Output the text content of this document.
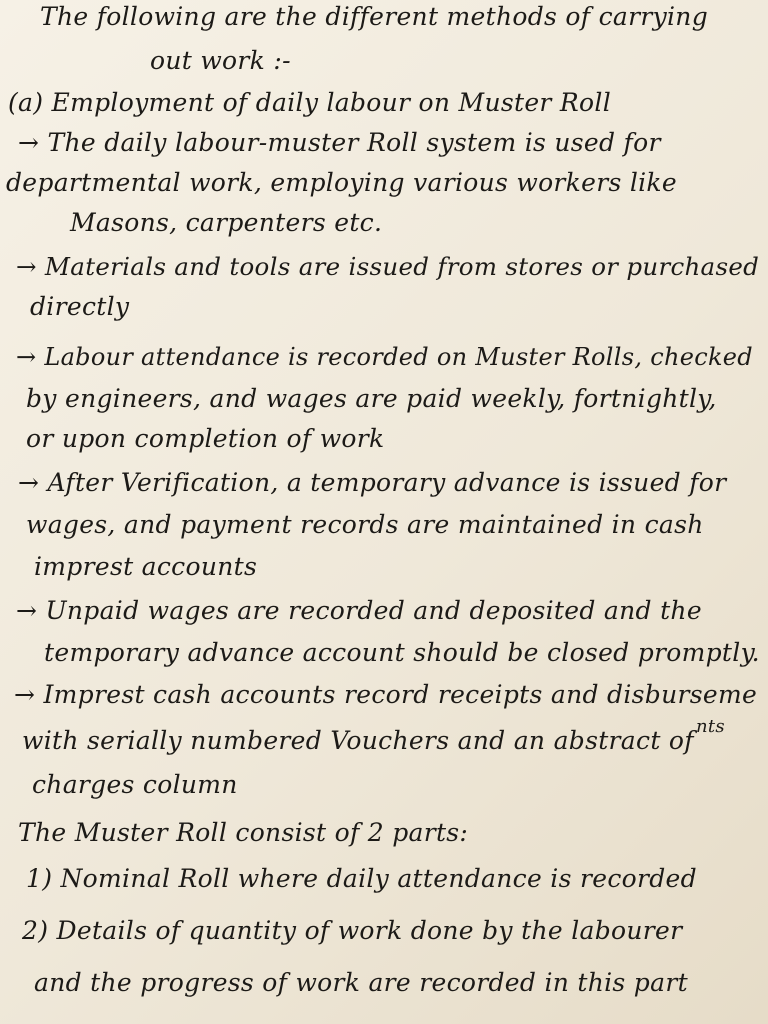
The following are the different methods of carrying
out work :-
(a) Employment of daily labour on Muster Roll
→ The daily labour-muster Roll system is used for
departmental work, employing various workers like
Masons, carpenters etc.
→ Materials and tools are issued from stores or purchased
directly
→ Labour attendance is recorded on Muster Rolls, checked
by engineers, and wages are paid weekly, fortnightly,
or upon completion of work
→ After Verification, a temporary advance is issued for
wages, and payment records are maintained in cash
imprest accounts
→ Unpaid wages are recorded and deposited and the
temporary advance account should be closed promptly.
→ Imprest cash accounts record receipts and disburseme
nts
with serially numbered Vouchers and an abstract of
charges column
The Muster Roll consist of 2 parts:
1) Nominal Roll where daily attendance is recorded
2) Details of quantity of work done by the labourer
and the progress of work are recorded in this part
